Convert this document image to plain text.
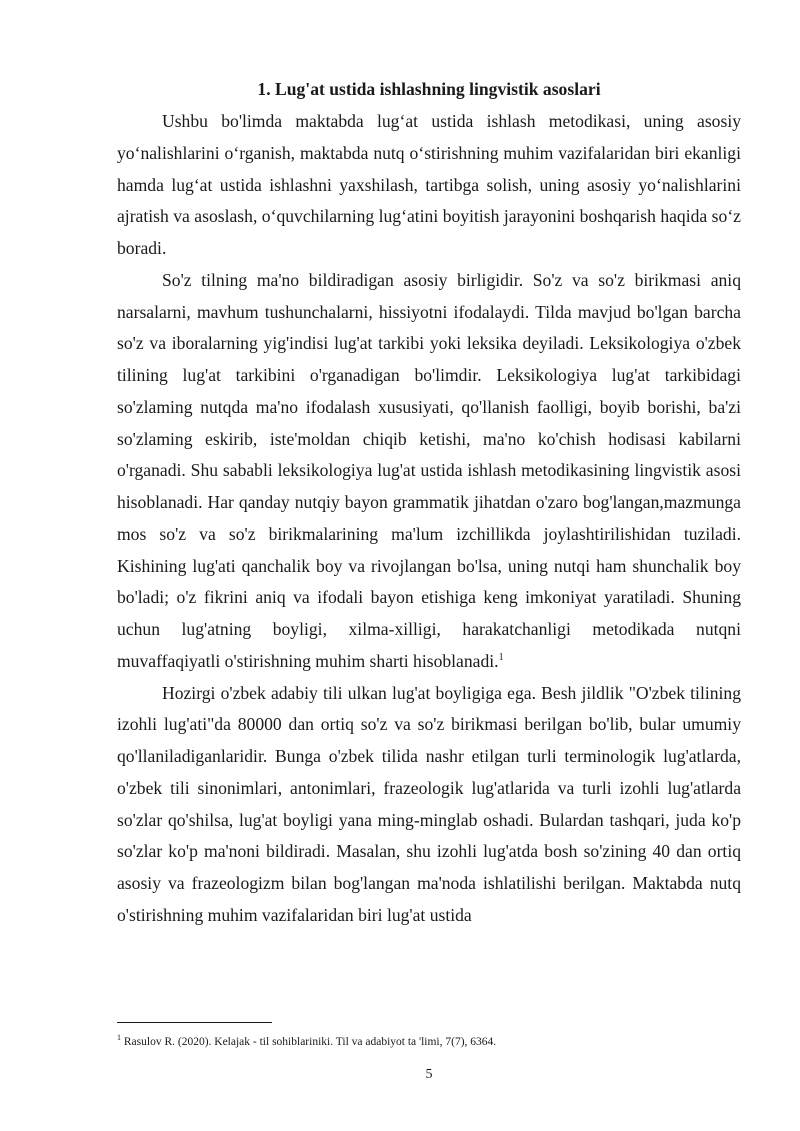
1. Lug'at ustida ishlashning lingvistik asoslari

Ushbu bo'limda maktabda lug‘at ustida ishlash metodikasi, uning asosiy yo‘nalishlarini o‘rganish, maktabda nutq o‘stirishning muhim vazifalaridan biri ekanligi hamda lug‘at ustida ishlashni yaxshilash, tartibga solish, uning asosiy yo‘nalishlarini ajratish va asoslash, o‘quvchilarning lug‘atini boyitish jarayonini boshqarish haqida so‘z boradi.

So'z tilning ma'no bildiradigan asosiy birligidir. So'z va so'z birikmasi aniq narsalarni, mavhum tushunchalarni, hissiyotni ifodalaydi. Tilda mavjud bo'lgan barcha so'z va iboralarning yig'indisi lug'at tarkibi yoki leksika deyiladi. Leksikologiya o'zbek tilining lug'at tarkibini o'rganadigan bo'limdir. Leksikologiya lug'at tarkibidagi so'zlaming nutqda ma'no ifodalash xususiyati, qo'llanish faolligi, boyib borishi, ba'zi so'zlaming eskirib, iste'moldan chiqib ketishi, ma'no ko'chish hodisasi kabilarni o'rganadi. Shu sababli leksikologiya lug'at ustida ishlash metodikasining lingvistik asosi hisoblanadi. Har qanday nutqiy bayon grammatik jihatdan o'zaro bog'langan,mazmunga mos so'z va so'z birikmalarining ma'lum izchillikda joylashtirilishidan tuziladi. Kishining lug'ati qanchalik boy va rivojlangan bo'lsa, uning nutqi ham shunchalik boy bo'ladi; o'z fikrini aniq va ifodali bayon etishiga keng imkoniyat yaratiladi. Shuning uchun lug'atning boyligi, xilma-xilligi, harakatchanligi metodikada nutqni muvaffaqiyatli o'stirishning muhim sharti hisoblanadi.$^1$

Hozirgi o'zbek adabiy tili ulkan lug'at boyligiga ega. Besh jildlik "O'zbek tilining izohli lug'ati"da 80000 dan ortiq so'z va so'z birikmasi berilgan bo'lib, bular umumiy qo'llaniladiganlaridir. Bunga o'zbek tilida nashr etilgan turli terminologik lug'atlarda, o'zbek tili sinonimlari, antonimlari, frazeologik lug'atlarida va turli izohli lug'atlarda so'zlar qo'shilsa, lug'at boyligi yana ming-minglab oshadi. Bulardan tashqari, juda ko'p so'zlar ko'p ma'noni bildiradi. Masalan, shu izohli lug'atda bosh so'zining 40 dan ortiq asosiy va frazeologizm bilan bog'langan ma'noda ishlatilishi berilgan. Maktabda nutq o'stirishning muhim vazifalaridan biri lug'at ustida

$^1$ Rasulov R. (2020). Kelajak - til sohiblariniki. Til va adabiyot ta 'limi, 7(7), 6364.

5
